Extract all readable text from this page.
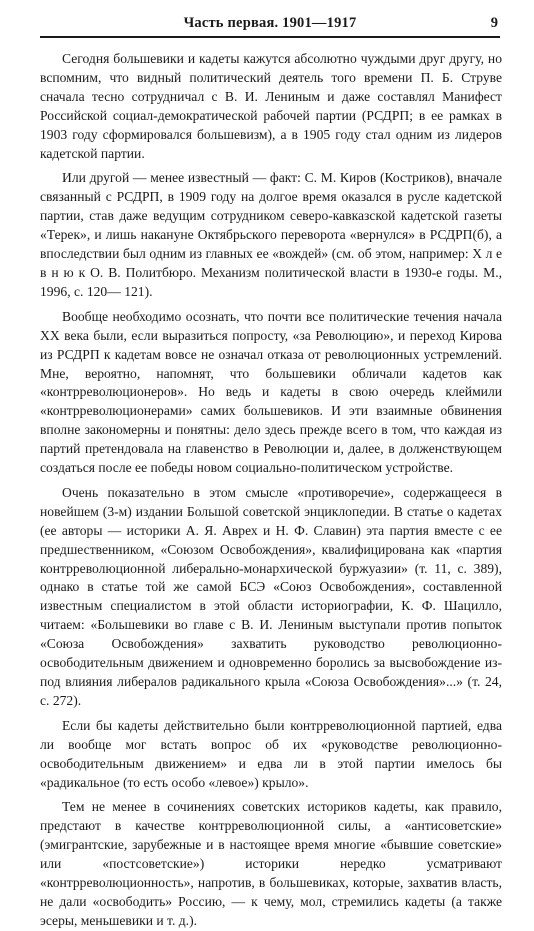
Часть первая. 1901—1917	9

Сегодня большевики и кадеты кажутся абсолютно чуждыми друг другу, но вспомним, что видный политический деятель того времени П. Б. Струве сначала тесно сотрудничал с В. И. Лениным и даже составлял Манифест Российской социал-демократической рабочей партии (РСДРП; в ее рамках в 1903 году сформировался большевизм), а в 1905 году стал одним из лидеров кадетской партии.

Или другой — менее известный — факт: С. М. Киров (Костриков), вначале связанный с РСДРП, в 1909 году на долгое время оказался в русле кадетской партии, став даже ведущим сотрудником северо-кавказской кадетской газеты «Терек», и лишь накануне Октябрьского переворота «вернулся» в РСДРП(б), а впоследствии был одним из главных ее «вождей» (см. об этом, например: Х л е в н ю к О. В. Политбюро. Механизм политической власти в 1930-е годы. М., 1996, с. 120— 121).

Вообще необходимо осознать, что почти все политические течения начала XX века были, если выразиться попросту, «за Революцию», и переход Кирова из РСДРП к кадетам вовсе не означал отказа от революционных устремлений. Мне, вероятно, напомнят, что большевики обличали кадетов как «контрреволюционеров». Но ведь и кадеты в свою очередь клеймили «контрреволюционерами» самих большевиков. И эти взаимные обвинения вполне закономерны и понятны: дело здесь прежде всего в том, что каждая из партий претендовала на главенство в Революции и, далее, в долженствующем создаться после ее победы новом социально-политическом устройстве.

Очень показательно в этом смысле «противоречие», содержащееся в новейшем (3-м) издании Большой советской энциклопедии. В статье о кадетах (ее авторы — историки А. Я. Аврех и Н. Ф. Славин) эта партия вместе с ее предшественником, «Союзом Освобождения», квалифицирована как «партия контрреволюционной либерально-монархической буржуазии» (т. 11, с. 389), однако в статье той же самой БСЭ «Союз Освобождения», составленной известным специалистом в этой области историографии, К. Ф. Шацилло, читаем: «Большевики во главе с В. И. Лениным выступали против попыток «Союза Освобождения» захватить руководство революционно-освободительным движением и одновременно боролись за высвобождение из-под влияния либералов радикального крыла «Союза Освобождения»...» (т. 24, с. 272).

Если бы кадеты действительно были контрреволюционной партией, едва ли вообще мог встать вопрос об их «руководстве революционно-освободительным движением» и едва ли в этой партии имелось бы «радикальное (то есть особо «левое») крыло».

Тем не менее в сочинениях советских историков кадеты, как правило, предстают в качестве контрреволюционной силы, а «антисоветские» (эмигрантские, зарубежные и в настоящее время многие «бывшие советские» или «постсоветские») историки нередко усматривают «контрреволюционность», напротив, в большевиках, которые, захватив власть, не дали «освободить» Россию, — к чему, мол, стремились кадеты (а также эсеры, меньшевики и т. д.).
